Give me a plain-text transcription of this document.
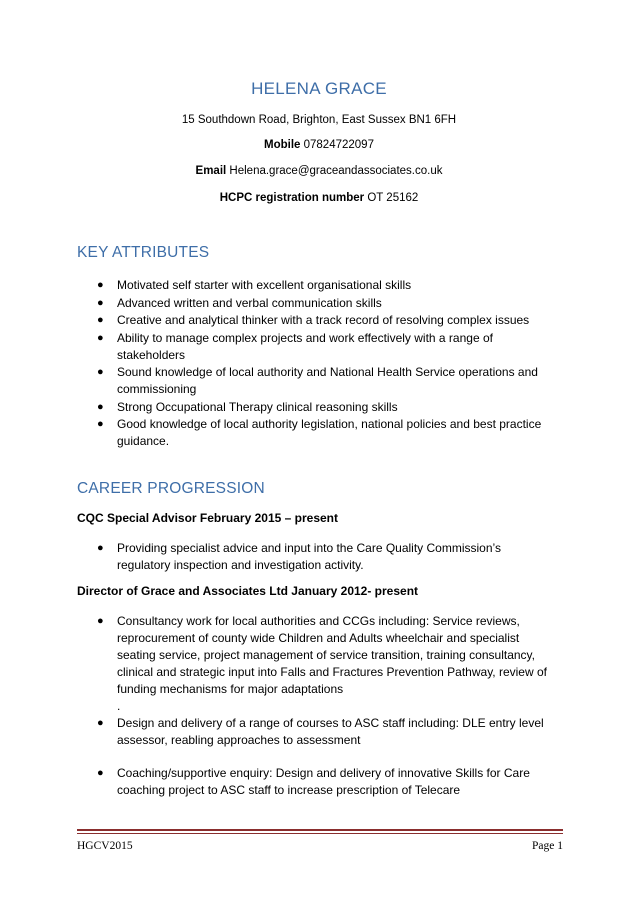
HELENA GRACE
15 Southdown Road, Brighton, East Sussex BN1 6FH
Mobile 07824722097
Email Helena.grace@graceandassociates.co.uk
HCPC registration number OT 25162
KEY ATTRIBUTES
● Motivated self starter with excellent organisational skills
● Advanced written and verbal communication skills
● Creative and analytical thinker with a track record of resolving complex issues
● Ability to manage complex projects and work effectively with a range of stakeholders
● Sound knowledge of local authority and National Health Service operations and commissioning
● Strong Occupational Therapy clinical reasoning skills
● Good knowledge of local authority legislation, national policies and best practice guidance.
CAREER PROGRESSION
CQC Special Advisor February 2015 – present
● Providing specialist advice and input into the Care Quality Commission’s regulatory inspection and investigation activity.
Director of Grace and Associates Ltd January 2012- present
● Consultancy work for local authorities and CCGs including: Service reviews, reprocurement of county wide Children and Adults wheelchair and specialist seating service, project management of service transition, training consultancy, clinical and strategic input into Falls and Fractures Prevention Pathway, review of funding mechanisms for major adaptations
.
● Design and delivery of a range of courses to ASC staff including: DLE entry level assessor, reabling approaches to assessment
● Coaching/supportive enquiry: Design and delivery of innovative Skills for Care coaching project to ASC staff to increase prescription of Telecare
HGCV2015	Page 1
